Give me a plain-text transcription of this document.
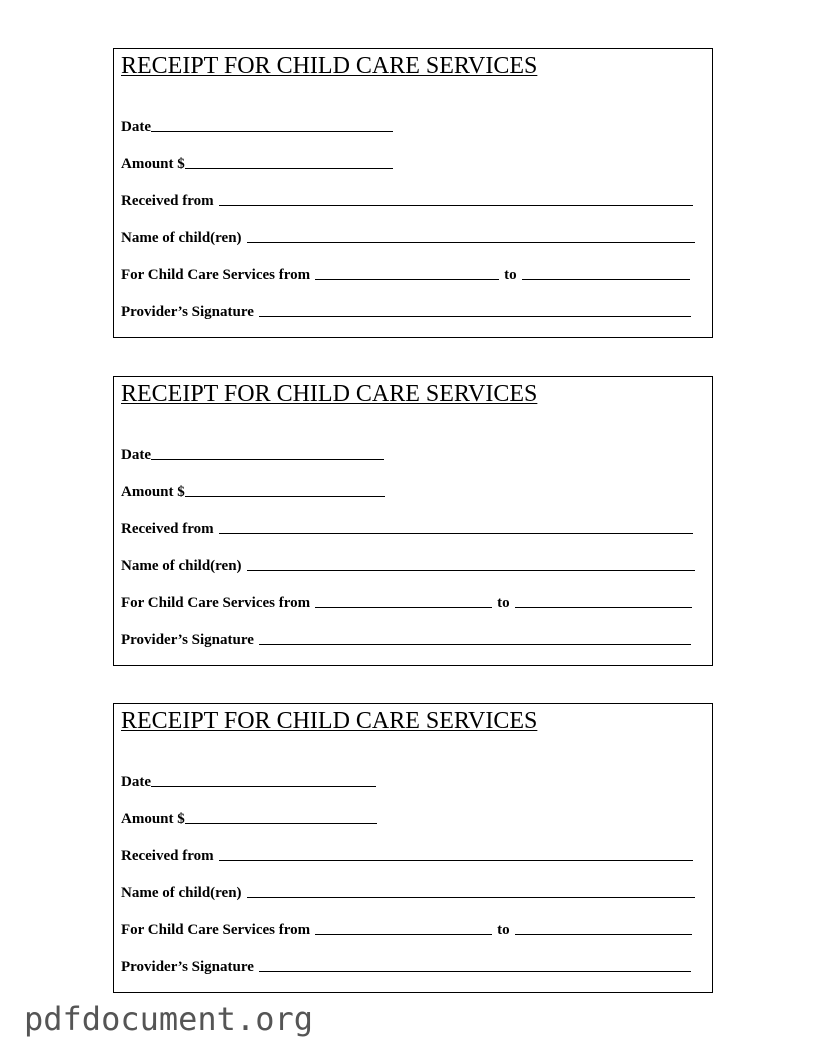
RECEIPT FOR CHILD CARE SERVICES
Date
Amount $
Received from
Name of child(ren)
For Child Care Services from	to
Provider’s Signature
RECEIPT FOR CHILD CARE SERVICES
Date
Amount $
Received from
Name of child(ren)
For Child Care Services from	to
Provider’s Signature
RECEIPT FOR CHILD CARE SERVICES
Date
Amount $
Received from
Name of child(ren)
For Child Care Services from	to
Provider’s Signature
pdfdocument.org
